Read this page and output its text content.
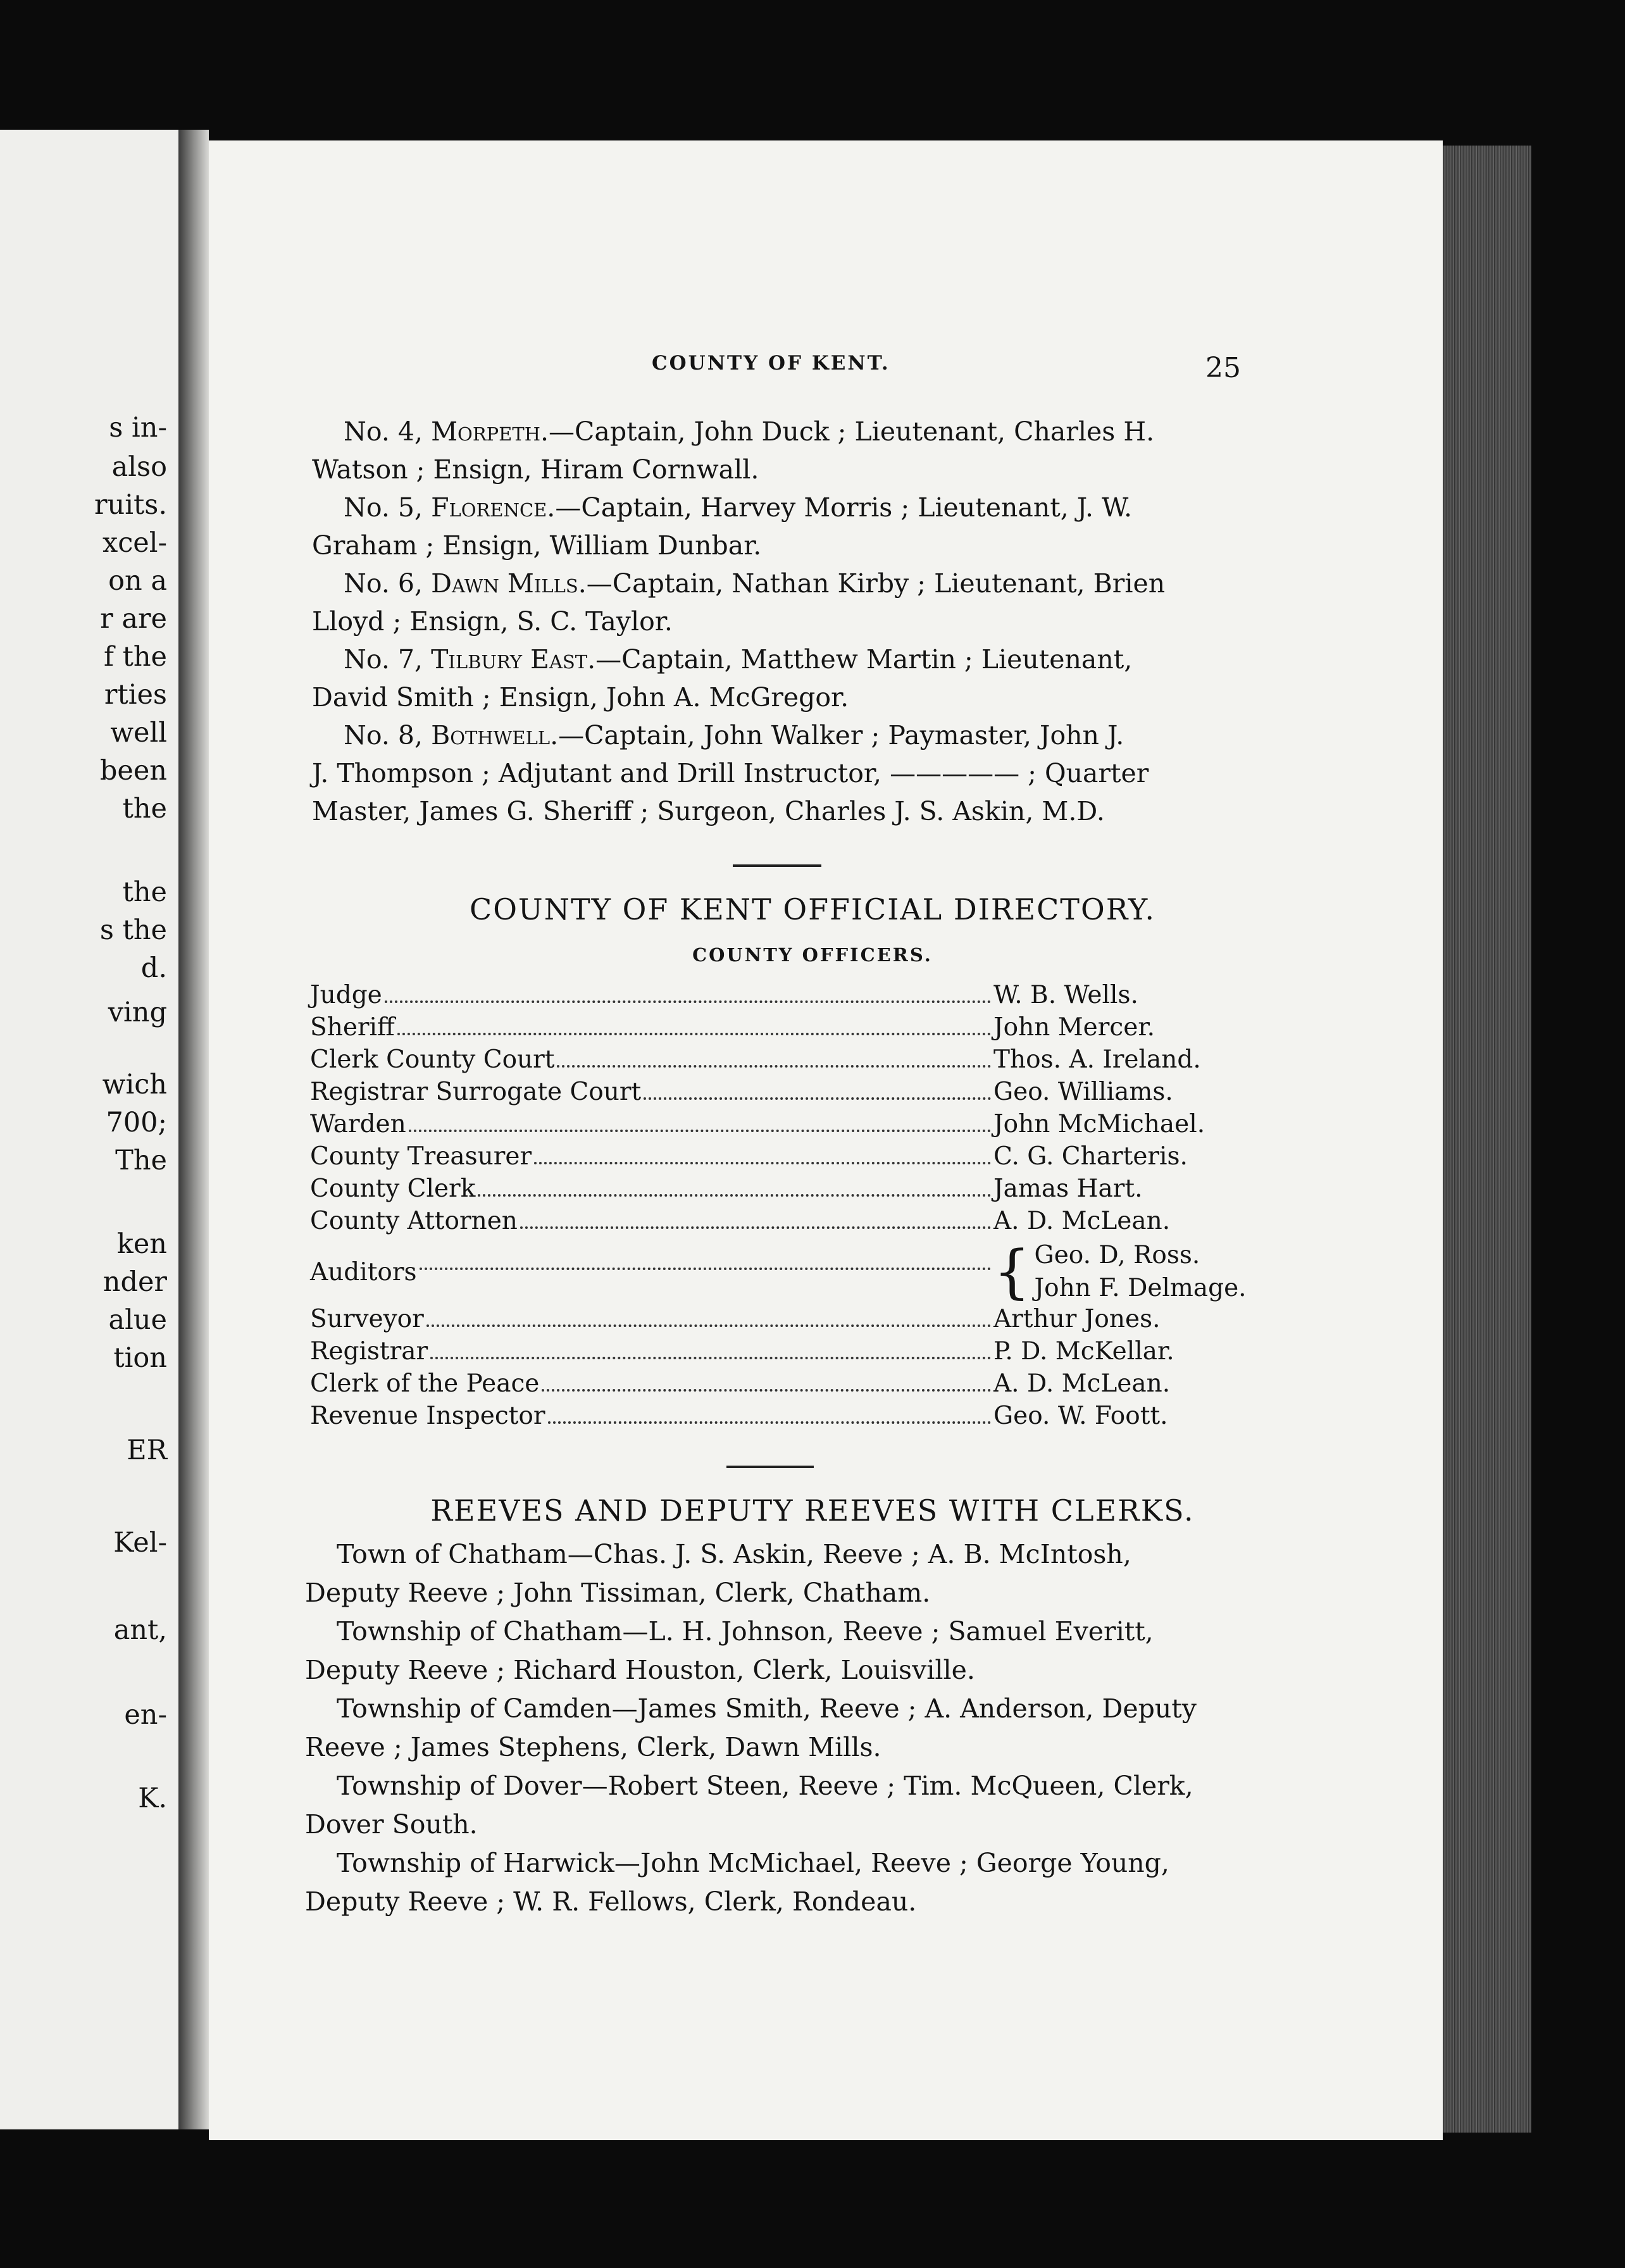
s in-
also
ruits.
xcel-
on a
r are
f the
rties
well
been
the
the
s the
d.
ving
wich
700;
The
ken
nder
alue
tion
ER
Kel-
ant,
en-
K.
COUNTY OF KENT.	25
No. 4, Morpeth.—Captain, John Duck ; Lieutenant, Charles H.
Watson ; Ensign, Hiram Cornwall.
No. 5, Florence.—Captain, Harvey Morris ; Lieutenant, J. W.
Graham ; Ensign, William Dunbar.
No. 6, Dawn Mills.—Captain, Nathan Kirby ; Lieutenant, Brien
Lloyd ; Ensign, S. C. Taylor.
No. 7, Tilbury East.—Captain, Matthew Martin ; Lieutenant,
David Smith ; Ensign, John A. McGregor.
No. 8, Bothwell.—Captain, John Walker ; Paymaster, John J.
J. Thompson ; Adjutant and Drill Instructor, ————— ; Quarter
Master, James G. Sheriff ; Surgeon, Charles J. S. Askin, M.D.
COUNTY OF KENT OFFICIAL DIRECTORY.
COUNTY OFFICERS.
Judge	W. B. Wells.
Sheriff	John Mercer.
Clerk County Court	Thos. A. Ireland.
Registrar Surrogate Court	Geo. Williams.
Warden	John McMichael.
County Treasurer	C. G. Charteris.
County Clerk	Jamas Hart.
County Attornen	A. D. McLean.
Auditors	{ Geo. D, Ross.
John F. Delmage.
Surveyor	Arthur Jones.
Registrar	P. D. McKellar.
Clerk of the Peace	A. D. McLean.
Revenue Inspector	Geo. W. Foott.
REEVES AND DEPUTY REEVES WITH CLERKS.
Town of Chatham—Chas. J. S. Askin, Reeve ; A. B. McIntosh,
Deputy Reeve ; John Tissiman, Clerk, Chatham.
Township of Chatham—L. H. Johnson, Reeve ; Samuel Everitt,
Deputy Reeve ; Richard Houston, Clerk, Louisville.
Township of Camden—James Smith, Reeve ; A. Anderson, Deputy
Reeve ; James Stephens, Clerk, Dawn Mills.
Township of Dover—Robert Steen, Reeve ; Tim. McQueen, Clerk,
Dover South.
Township of Harwick—John McMichael, Reeve ; George Young,
Deputy Reeve ; W. R. Fellows, Clerk, Rondeau.
